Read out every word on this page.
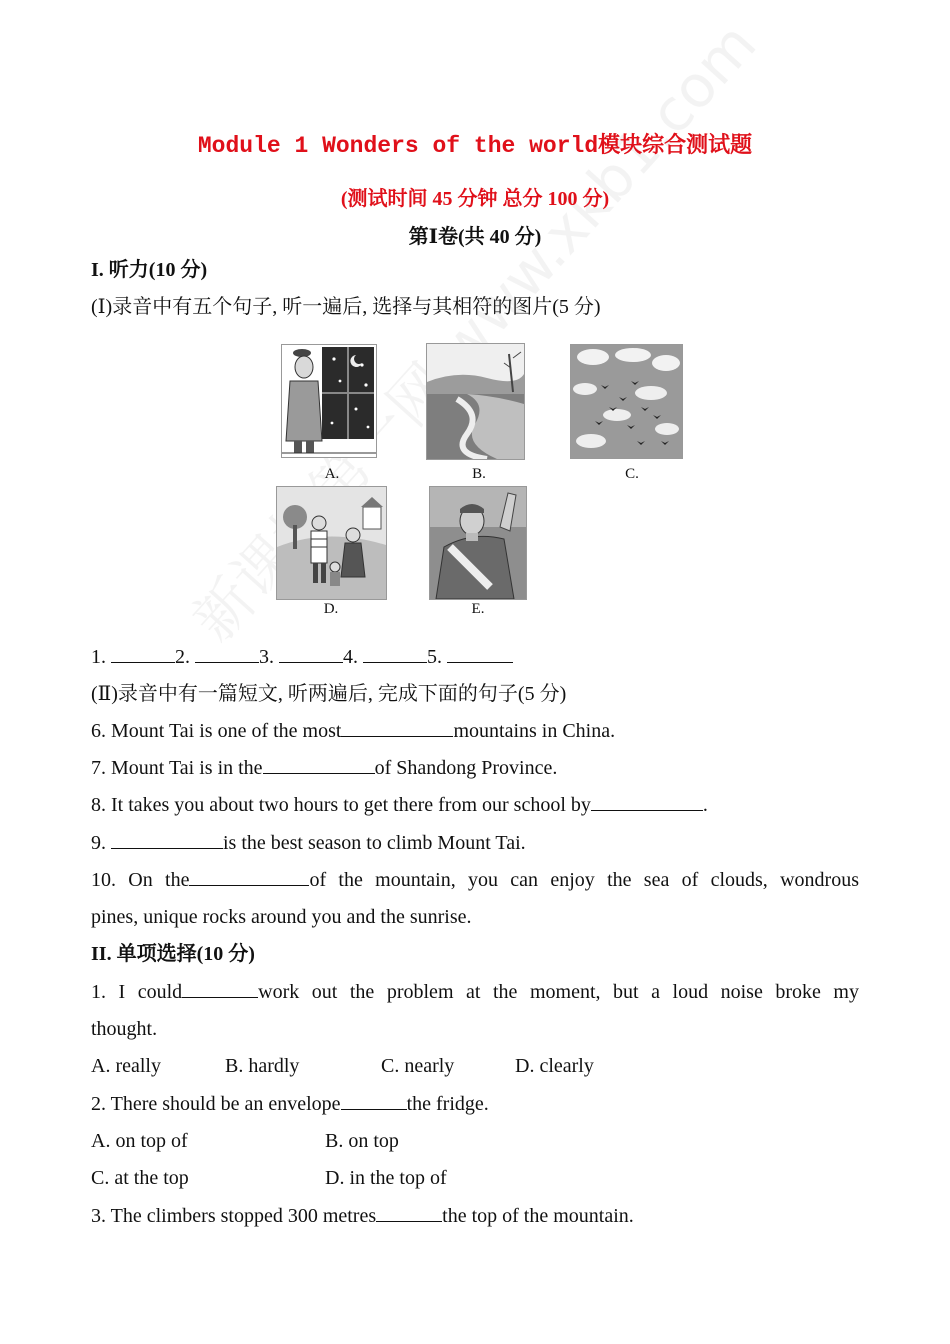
Module 1 Wonders of the world模块综合测试题
(测试时间 45 分钟 总分 100 分)
第Ⅰ卷(共 40 分)
I. 听力(10 分)
(Ⅰ)录音中有五个句子, 听一遍后, 选择与其相符的图片(5 分)
A.	B.	C.
D.	E.
1.	2.	3.	4.	5.
(Ⅱ)录音中有一篇短文, 听两遍后, 完成下面的句子(5 分)
6. Mount Tai is one of the most	mountains in China.
7. Mount Tai is in the	of Shandong Province.
8. It takes you about two hours to get there from our school by	.
9.	is the best season to climb Mount Tai.
10. On the	of the mountain, you can enjoy the sea of clouds, wondrous
pines, unique rocks around you and the sunrise.
II. 单项选择(10 分)
1. I could	work out the problem at the moment, but a loud noise broke my
thought.
A. really	B. hardly	C. nearly	D. clearly
2. There should be an envelope	the fridge.
A. on top of	B. on top
C. at the top	D. in the top of
3. The climbers stopped 300 metres	the top of the mountain.
